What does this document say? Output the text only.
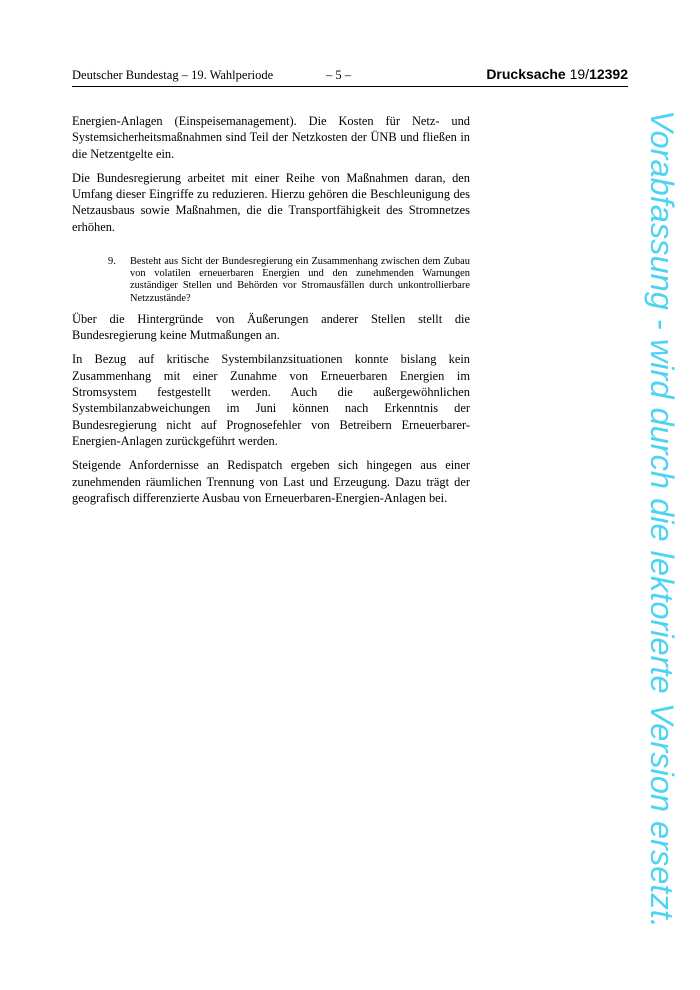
Deutscher Bundestag – 19. Wahlperiode	– 5 –	Drucksache 19/12392

Energien-Anlagen (Einspeisemanagement). Die Kosten für Netz- und Systemsicherheitsmaßnahmen sind Teil der Netzkosten der ÜNB und fließen in die Netzentgelte ein.

Die Bundesregierung arbeitet mit einer Reihe von Maßnahmen daran, den Umfang dieser Eingriffe zu reduzieren. Hierzu gehören die Beschleunigung des Netzausbaus sowie Maßnahmen, die die Transportfähigkeit des Stromnetzes erhöhen.

9.	Besteht aus Sicht der Bundesregierung ein Zusammenhang zwischen dem Zubau von volatilen erneuerbaren Energien und den zunehmenden Warnungen zuständiger Stellen und Behörden vor Stromausfällen durch unkontrollierbare Netzzustände?

Über die Hintergründe von Äußerungen anderer Stellen stellt die Bundesregierung keine Mutmaßungen an.

In Bezug auf kritische Systembilanzsituationen konnte bislang kein Zusammenhang mit einer Zunahme von Erneuerbaren Energien im Stromsystem festgestellt werden. Auch die außergewöhnlichen Systembilanzabweichungen im Juni können nach Erkenntnis der Bundesregierung nicht auf Prognosefehler von Betreibern Erneuerbarer-Energien-Anlagen zurückgeführt werden.

Steigende Anfordernisse an Redispatch ergeben sich hingegen aus einer zunehmenden räumlichen Trennung von Last und Erzeugung. Dazu trägt der geografisch differenzierte Ausbau von Erneuerbaren-Energien-Anlagen bei.	Vorabfassung - wird durch die lektorierte Version ersetzt.
